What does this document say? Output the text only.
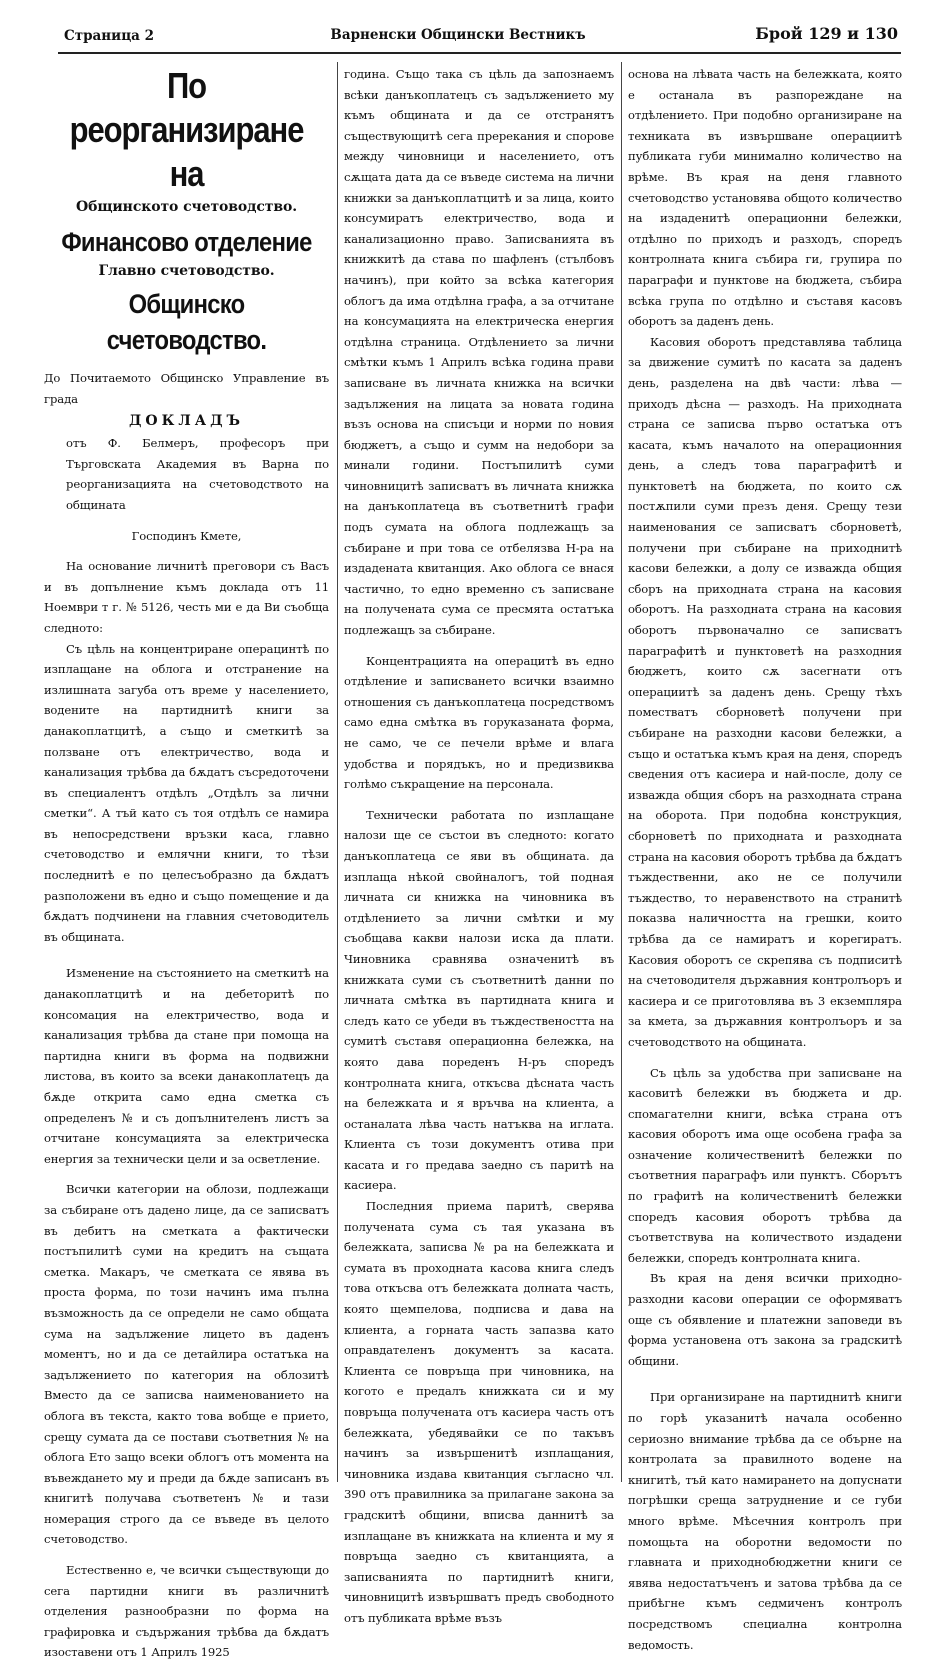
Страница 2	Варненски Общински Вестникъ	Брой 129 и 130
По реорганизиране на
Общинското счетоводство.
Финансово отделение
Главно счетоводство.
Общинско счетоводство.

До Почитаемото Общинско Управление въ града

ДОКЛАДЪ

отъ Ф. Белмеръ, професоръ при Търговската Академия въ Варна по реорганизацията на счетоводството на общината

Господинъ Кмете,

На основание личнитѣ преговори съ Васъ и въ допълнение къмъ доклада отъ 11 Ноември т г. № 5126, честь ми е да Ви съобща следното:

Съ цѣль на концентриране операцинтѣ по изплащане на облога и отстранение на излишната загуба отъ време у населението, водените на партиднитѣ книги за данакоплатцитѣ, а също и сметкитѣ за ползване отъ електричество, вода и канализация трѣбва да бѫдатъ съсредоточени въ специалентъ отдѣлъ „Отдѣлъ за лични сметки“. А тъй като съ тоя отдѣлъ се намира въ непосредствени връзки каса, главно счетоводство и емлячни книги, то тѣзи последнитѣ е по целесъобразно да бѫдатъ разположени въ едно и също помещение и да бѫдатъ подчинени на главния счетоводитель въ общината.

Изменение на състоянието на сметкитѣ на данакоплатцитѣ и на дебеторитѣ по консомация на електричество, вода и канализация трѣбва да стане при помоща на партидна книги въ форма на подвижни листова, въ които за всеки данакоплатецъ да бѫде открита само една сметка съ определенъ № и съ допълнителенъ листъ за отчитане консумацията за електрическа енергия за технически цели и за осветление.

Всички категории на облози, подлежащи за събиране отъ дадено лице, да се записватъ въ дебитъ на сметката а фактически постъпилитѣ суми на кредитъ на същата сметка. Макаръ, че сметката се явява въ проста форма, по този начинъ има пълна възможность да се определи не само общата сума на задължение лицето въ даденъ моментъ, но и да се детайлира остатъка на задължението по категория на облозитѣ Вместо да се записва наименованието на облога въ текста, както това вобще е прието, срещу сумата да се постави съответния № на облога Ето защо всеки облогъ отъ момента на въвеждането му и преди да бѫде записанъ въ книгитѣ получава съответенъ № и тази номерация строго да се въведе въ целото счетоводство.

Естественно е, че всички съществующи до сега партидни книги въ различнитѣ отделения разнообразни по форма на графировка и съдържания трѣбва да бѫдатъ изоставени отъ 1 Априлъ 1925

година. Също така съ цѣль да запознаемъ всѣки данъкоплатецъ съ задължението му къмъ общината и да се отстранятъ съществующитѣ сега пререкания и спорове между чиновници и населението, отъ сѫщата дата да се въведе система на лични книжки за данъкоплатцитѣ и за лица, които консумиратъ електричество, вода и канализационно право. Записванията въ книжкитѣ да става по шафленъ (стълбовъ начинъ), при който за всѣка категория облогъ да има отдѣлна графа, а за отчитане на консумацията на електрическа енергия отдѣлна страница. Отдѣлението за лични смѣтки къмъ 1 Априлъ всѣка година прави записване въ личната книжка на всички задължения на лицата за новата година възъ основа на списъци и норми по новия бюджетъ, а също и сумм на недобори за минали години. Постъпилитѣ суми чиновницитѣ записватъ въ личната книжка на данъкоплатеца въ съответнитѣ графи подъ сумата на облога подлежащъ за събиране и при това се отбелязва Н-ра на издадената квитанция. Ако облога се внася частично, то едно временно съ записване на получената сума се пресмята остатъка подлежащъ за събиране.

Концентрацията на операцитѣ въ едно отдѣление и записването всички взаимно отношения съ данъкоплатеца посредствомъ само една смѣтка въ горуказаната форма, не само, че се печели врѣме и влага удобства и порядъкъ, но и предизвиква голѣмо съкращение на персонала.

Технически работата по изплащане налози ще се състои въ следното: когато данъкоплатеца се яви въ общината. да изплаща нѣкой свойналогъ, той подная личната си книжка на чиновника въ отдѣлението за лични смѣтки и му съобщава какви налози иска да плати. Чиновника сравнява означенитѣ въ книжката суми съ съответнитѣ данни по личната смѣтка въ партидната книга и следъ като се убеди въ тъждествеността на сумитѣ съставя операционна бележка, на която дава пореденъ Н-ръ споредъ контролната книга, откъсва дѣсната часть на бележката и я връчва на клиента, а останалата лѣва часть натъква на иглата. Клиента съ този документъ отива при касата и го предава заедно съ паритѣ на касиера.

Последния приема паритѣ, сверява получената сума съ тая указана въ бележката, записва № ра на бележката и сумата въ проходната касова книга следъ това откъсва отъ бележката долната часть, която щемпелова, подписва и дава на клиента, а горната часть запазва като оправдателенъ документъ за касата. Клиента се повръща при чиновника, на когото е предалъ книжката си и му повръща получената отъ касиера часть отъ бележката, убедявайки се по такъвъ начинъ за извършенитѣ изплащания, чиновника издава квитанция съгласно чл. 390 отъ правилника за прилагане закона за градскитѣ общини, вписва даннитѣ за изплащане въ книжката на клиента и му я повръща заедно съ квитанцията, а записванията по партиднитѣ книги, чиновницитѣ извършватъ предъ свободното отъ публиката врѣме възъ

основа на лѣвата часть на бележката, която е останала въ разпореждане на отдѣлението. При подобно организиране на техниката въ извършване операциитѣ публиката губи минимално количество на врѣме. Въ края на деня главното счетоводство установява общото количество на издаденитѣ операционни бележки, отдѣлно по приходъ и разходъ, споредъ контролната книга събира ги, групира по параграфи и пунктове на бюджета, събира всѣка група по отдѣлно и съставя касовъ оборотъ за даденъ день.

Касовия оборотъ представлява таблица за движение сумитѣ по касата за даденъ день, разделена на двѣ части: лѣва — приходъ дѣсна — разходъ. На приходната страна се записва първо остатъка отъ касата, къмъ началото на операционния день, а следъ това параграфитѣ и пунктоветѣ на бюджета, по които сѫ постѫпили суми презъ деня. Срещу тези наименования се записватъ сборноветѣ, получени при събиране на приходнитѣ касови бележки, а долу се изважда общия сборъ на приходната страна на касовия оборотъ. На разходната страна на касовия оборотъ първоначално се записватъ параграфитѣ и пунктоветѣ на разходния бюджетъ, които сѫ засегнати отъ операциитѣ за даденъ день. Срещу тѣхъ поместватъ сборноветѣ получени при събиране на разходни касови бележки, а също и остатъка къмъ края на деня, споредъ сведения отъ касиера и най-после, долу се изважда общия сборъ на разходната страна на оборота. При подобна конструкция, сборноветѣ по приходната и разходната страна на касовия оборотъ трѣбва да бѫдатъ тъждественни, ако не се получили тъждество, то неравенството на странитѣ показва наличността на грешки, които трѣбва да се намиратъ и корегиратъ. Касовия оборотъ се скрепява съ подписитѣ на счетоводителя държавния контролъоръ и касиера и се приготовлява въ 3 екземпляра за кмета, за държавния контролъоръ и за счетоводството на общината.

Съ цѣль за удобства при записване на касовитѣ бележки въ бюджета и др. спомагателни книги, всѣка страна отъ касовия оборотъ има още особена графа за означение количественитѣ бележки по съответния параграфъ или пунктъ. Сборътъ по графитѣ на количественитѣ бележки споредъ касовия оборотъ трѣбва да съответствува на количеството издадени бележки, споредъ контролната книга.

Въ края на деня всички приходно-разходни касови операции се оформяватъ още съ обявление и платежни заповеди въ форма установена отъ закона за градскитѣ общини.

При организиране на партиднитѣ книги по горѣ указанитѣ начала особенно сериозно внимание трѣбва да се обърне на контролата за правилното водене на книгитѣ, тъй като намирането на допуснати погрѣшки среща затруднение и се губи много врѣме. Мѣсечния контролъ при помощьта на оборотни ведомости по главната и приходнобюджетни книги се явява недостатъченъ и затова трѣбва да се прибѣгне къмъ седмиченъ контролъ посредствомъ специална контролна ведомость.
